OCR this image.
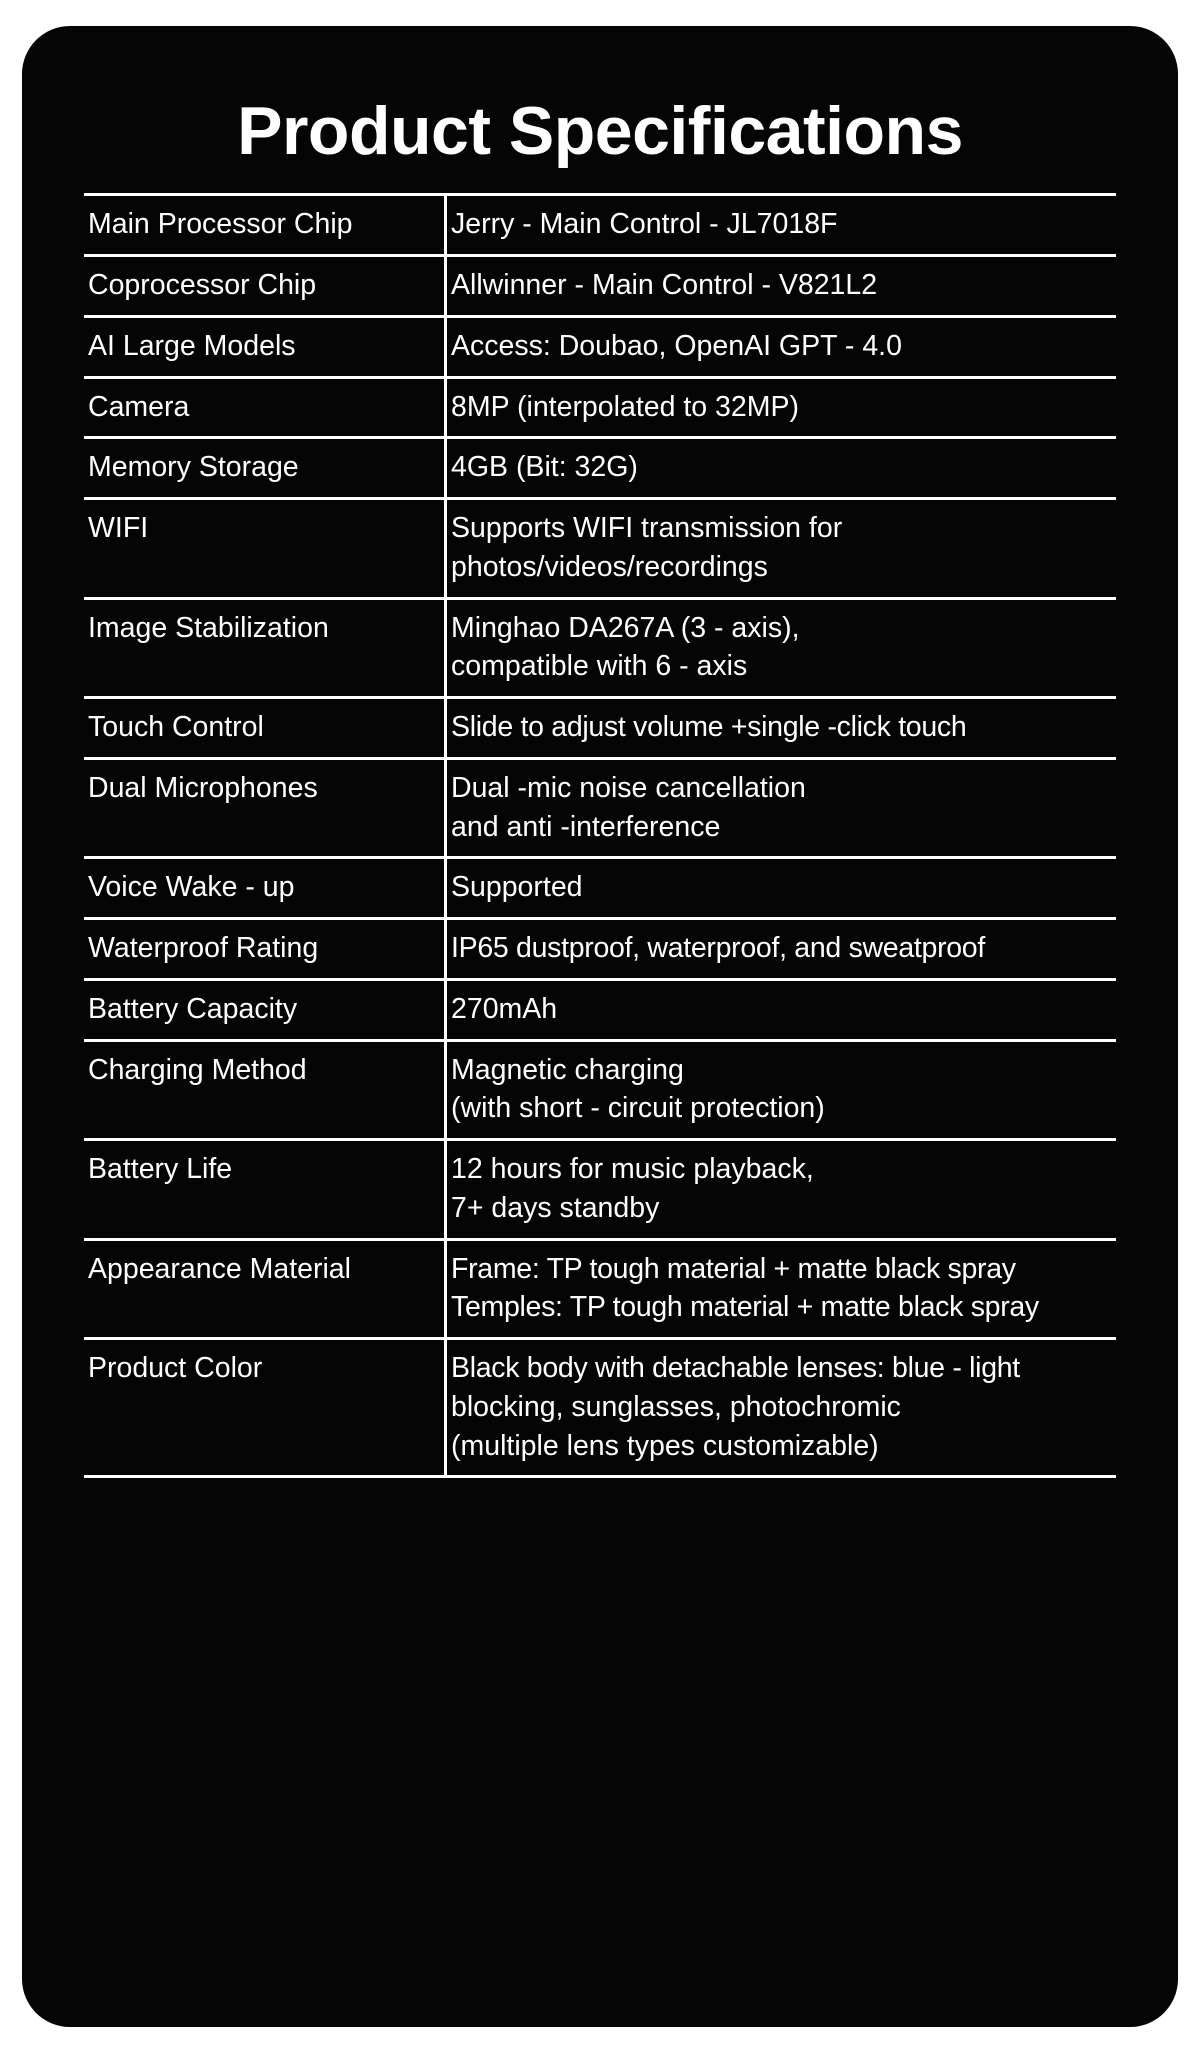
Product Specifications
Main Processor Chip	Jerry - Main Control - JL7018F

Coprocessor Chip	Allwinner - Main Control - V821L2

AI Large Models	Access: Doubao, OpenAI GPT - 4.0

Camera	8MP (interpolated to 32MP)

Memory Storage	4GB (Bit: 32G)

WIFI	Supports WIFI transmission for
photos/videos/recordings

Image Stabilization	Minghao DA267A (3 - axis),
compatible with 6 - axis

Touch Control	Slide to adjust volume +single -click touch

Dual Microphones	Dual -mic noise cancellation
and anti -interference

Voice Wake - up	Supported

Waterproof Rating	IP65 dustproof, waterproof, and sweatproof

Battery Capacity	270mAh

Charging Method	Magnetic charging
(with short - circuit protection)

Battery Life	12 hours for music playback,
7+ days standby

Appearance Material	Frame: TP tough material + matte black spray
Temples: TP tough material + matte black spray

Product Color	Black body with detachable lenses: blue - light
blocking, sunglasses, photochromic
(multiple lens types customizable)
